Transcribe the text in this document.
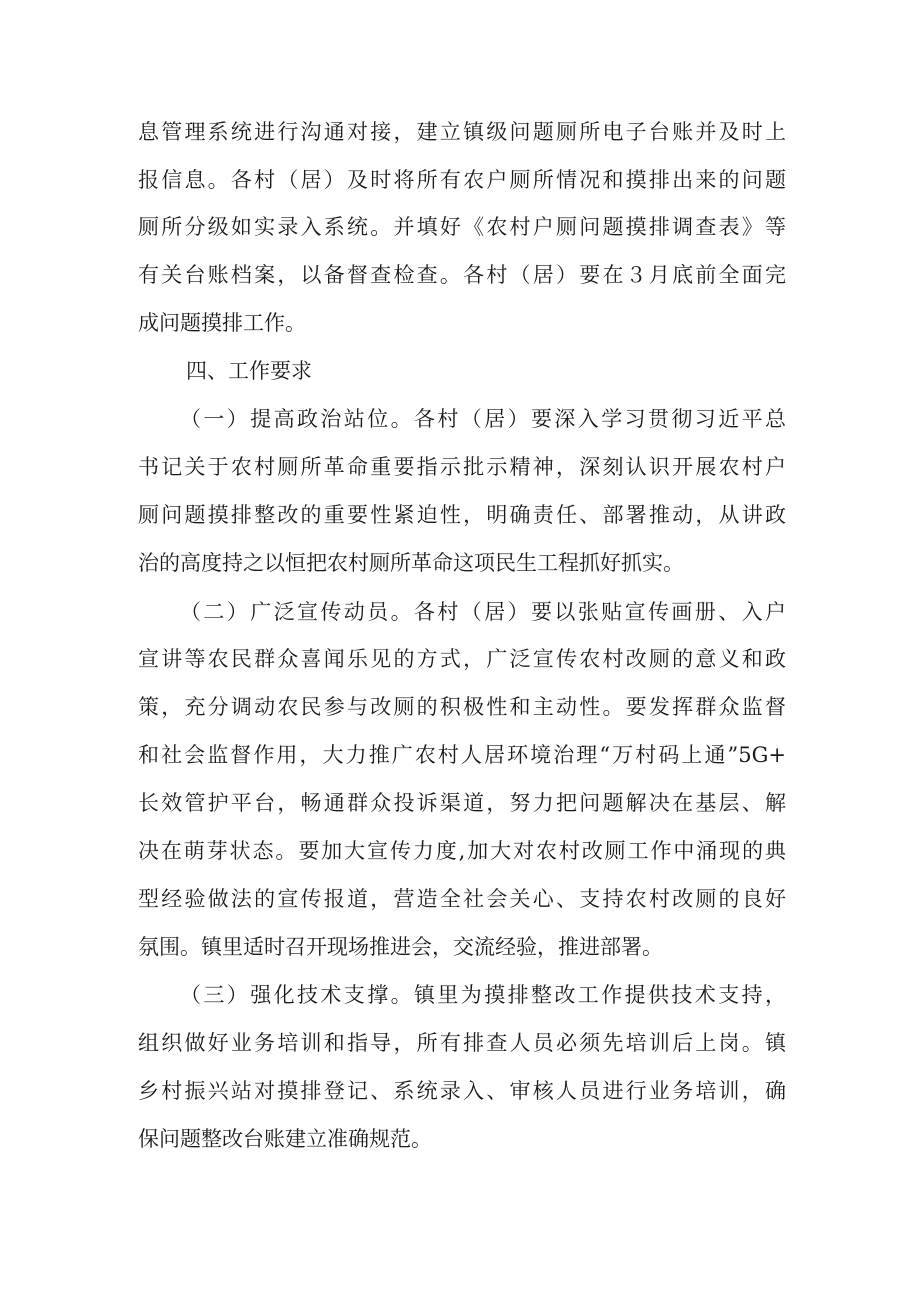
息管理系统进行沟通对接，建立镇级问题厕所电子台账并及时上
报信息。各村（居）及时将所有农户厕所情况和摸排出来的问题
厕所分级如实录入系统。并填好《农村户厕问题摸排调查表》等
有关台账档案，以备督查检查。各村（居）要在３月底前全面完
成问题摸排工作。
四、工作要求
（一）提高政治站位。各村（居）要深入学习贯彻习近平总
书记关于农村厕所革命重要指示批示精神，深刻认识开展农村户
厕问题摸排整改的重要性紧迫性，明确责任、部署推动，从讲政
治的高度持之以恒把农村厕所革命这项民生工程抓好抓实。
（二）广泛宣传动员。各村（居）要以张贴宣传画册、入户
宣讲等农民群众喜闻乐见的方式，广泛宣传农村改厕的意义和政
策，充分调动农民参与改厕的积极性和主动性。要发挥群众监督
和社会监督作用，大力推广农村人居环境治理“万村码上通”5G+
长效管护平台，畅通群众投诉渠道，努力把问题解决在基层、解
决在萌芽状态。要加大宣传力度,加大对农村改厕工作中涌现的典
型经验做法的宣传报道，营造全社会关心、支持农村改厕的良好
氛围。镇里适时召开现场推进会，交流经验，推进部署。
（三）强化技术支撑。镇里为摸排整改工作提供技术支持，
组织做好业务培训和指导，所有排查人员必须先培训后上岗。镇
乡村振兴站对摸排登记、系统录入、审核人员进行业务培训，确
保问题整改台账建立准确规范。
